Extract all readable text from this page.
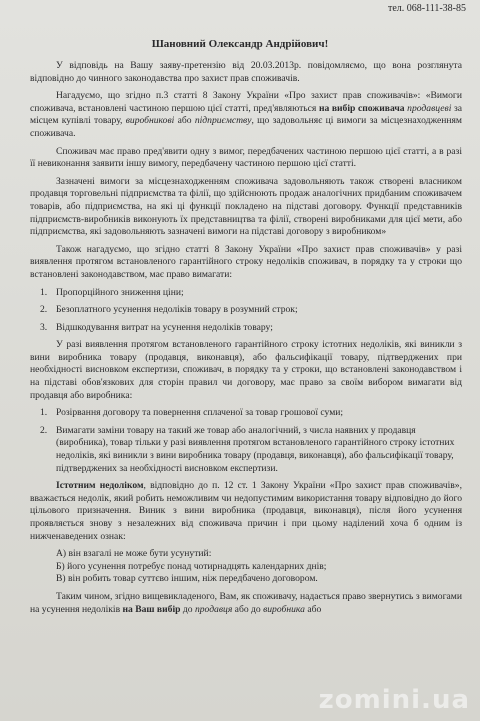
тел. 068-111-38-85
Шановний Олександр Андрійович!

У відповідь на Вашу заяву-претензію від 20.03.2013р. повідомляємо, що вона розглянута відповідно до чинного законодавства про захист прав споживачів.

Нагадуємо, що згідно п.3 статті 8 Закону України «Про захист прав споживачів»: «Вимоги споживача, встановлені частиною першою цієї статті, пред'являються на вибір споживача продавцеві за місцем купівлі товару, виробникові або підприємству, що задовольняє ці вимоги за місцезнаходженням споживача.

Споживач має право пред'явити одну з вимог, передбачених частиною першою цієї статті, а в разі її невиконання заявити іншу вимогу, передбачену частиною першою цієї статті.

Зазначені вимоги за місцезнаходженням споживача задовольняють також створені власником продавця торговельні підприємства та філії, що здійснюють продаж аналогічних придбаним споживачем товарів, або підприємства, на які ці функції покладено на підставі договору. Функції представників підприємств-виробників виконують їх представництва та філії, створені виробниками для цієї мети, або підприємства, які задовольняють зазначені вимоги на підставі договору з виробником»

Також нагадуємо, що згідно статті 8 Закону України «Про захист прав споживачів» у разі виявлення протягом встановленого гарантійного строку недоліків споживач, в порядку та у строки що встановлені законодавством, має право вимагати:

1. Пропорційного зниження ціни;
2. Безоплатного усунення недоліків товару в розумний строк;
3. Відшкодування витрат на усунення недоліків товару;

У разі виявлення протягом встановленого гарантійного строку істотних недоліків, які виникли з вини виробника товару (продавця, виконавця), або фальсифікації товару, підтверджених при необхідності висновком експертизи, споживач, в порядку та у строки, що встановлені законодавством і на підставі обов'язкових для сторін правил чи договору, має право за своїм вибором вимагати від продавця або виробника:

1. Розірвання договору та повернення сплаченої за товар грошової суми;
2. Вимагати заміни товару на такий же товар або аналогічний, з числа наявних у продавця (виробника), товар тільки у разі виявлення протягом встановленого гарантійного строку істотних недоліків, які виникли з вини виробника товару (продавця, виконавця), або фальсифікації товару, підтверджених за необхідності висновком експертизи.

Істотним недоліком, відповідно до п. 12 ст. 1 Закону України «Про захист прав споживачів», вважається недолік, який робить неможливим чи недопустимим використання товару відповідно до його цільового призначення. Виник з вини виробника (продавця, виконавця), після його усунення проявляється знову з незалежних від споживача причин і при цьому наділений хоча б одним із нижченаведених ознак:

А) він взагалі не може бути усунутий:

Б) його усунення потребує понад чотирнадцять календарних днів;

В) він робить товар суттєво іншим, ніж передбачено договором.

Таким чином, згідно вищевикладеного, Вам, як споживачу, надається право звернутись з вимогами на усунення недоліків на Ваш вибір до продавця або до виробника або

zomini.ua
